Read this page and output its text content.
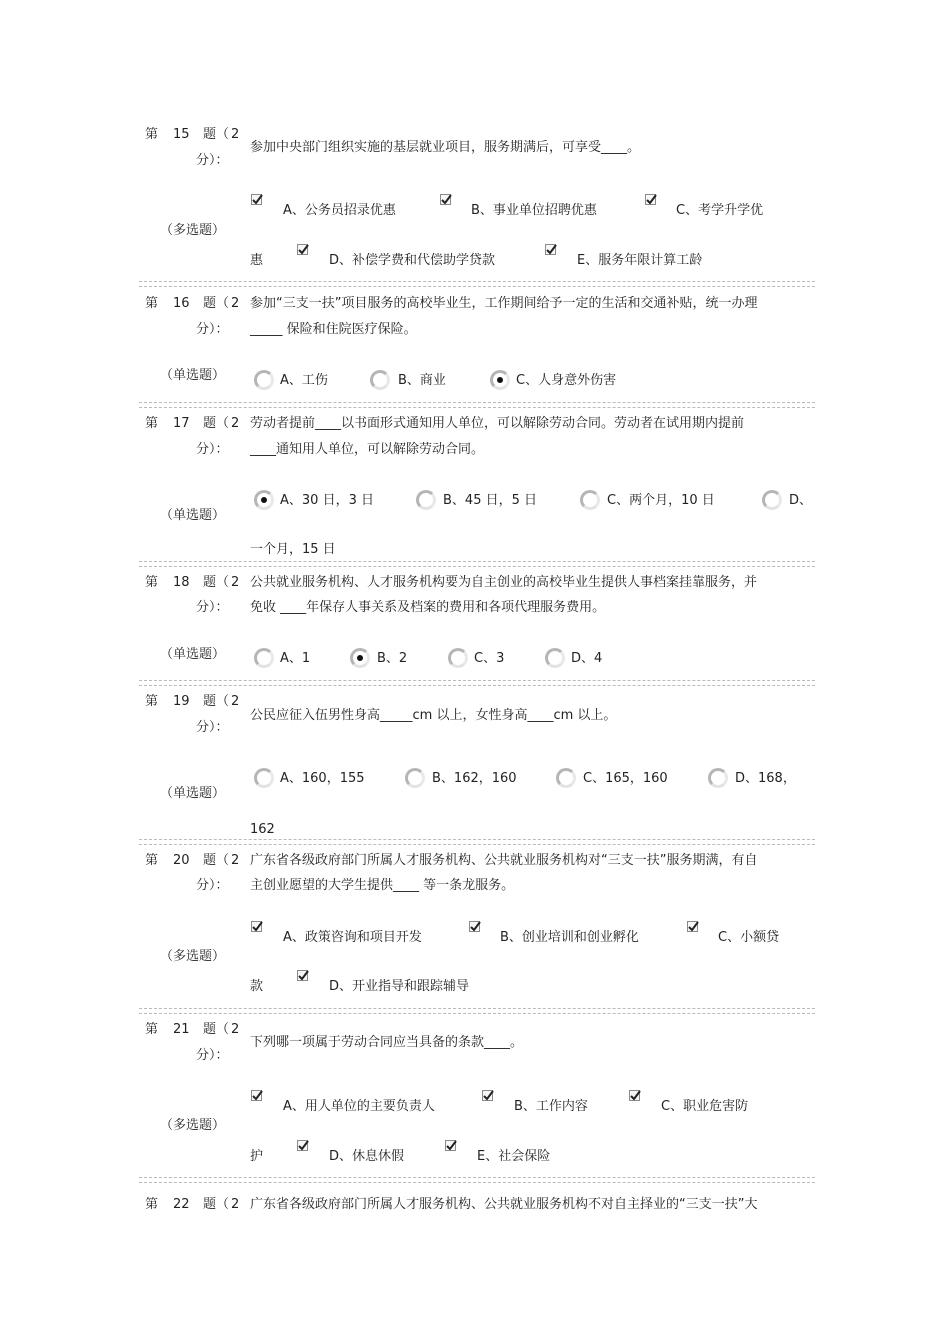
第 15 题（ 2
分）：
参加中央部门组织实施的基层就业项目，服务期满后，可享受____。
（多选题）
A、公务员招录优惠	B、事业单位招聘优惠	C、考学升学优
惠	D、补偿学费和代偿助学贷款	E、服务年限计算工龄
第 16 题（ 2
分）：
参加“三支一扶”项目服务的高校毕业生，工作期间给予一定的生活和交通补贴，统一办理
_____ 保险和住院医疗保险。
（单选题）	A、工伤	B、商业	C、人身意外伤害
第 17 题（ 2
分）：
劳动者提前____以书面形式通知用人单位，可以解除劳动合同。劳动者在试用期内提前
____通知用人单位，可以解除劳动合同。
（单选题）
A、30 日，3 日	B、45 日，5 日	C、两个月，10 日	D、
一个月，15 日
第 18 题（ 2
分）：
公共就业服务机构、人才服务机构要为自主创业的高校毕业生提供人事档案挂靠服务，并
免收 ____年保存人事关系及档案的费用和各项代理服务费用。
（单选题）	A、1	B、2	C、3	D、4
第 19 题（ 2
分）：
公民应征入伍男性身高_____cm 以上，女性身高____cm 以上。
（单选题）
A、160，155	B、162，160	C、165，160	D、168，
162
第 20 题（ 2
分）：
广东省各级政府部门所属人才服务机构、公共就业服务机构对“三支一扶”服务期满，有自
主创业愿望的大学生提供____ 等一条龙服务。
（多选题）
A、政策咨询和项目开发	B、创业培训和创业孵化	C、小额贷
款	D、开业指导和跟踪辅导
第 21 题（ 2
分）：
下列哪一项属于劳动合同应当具备的条款____。
（多选题）
A、用人单位的主要负责人	B、工作内容	C、职业危害防
护	D、休息休假	E、社会保险
第 22 题（ 2 广东省各级政府部门所属人才服务机构、公共就业服务机构不对自主择业的“三支一扶”大
